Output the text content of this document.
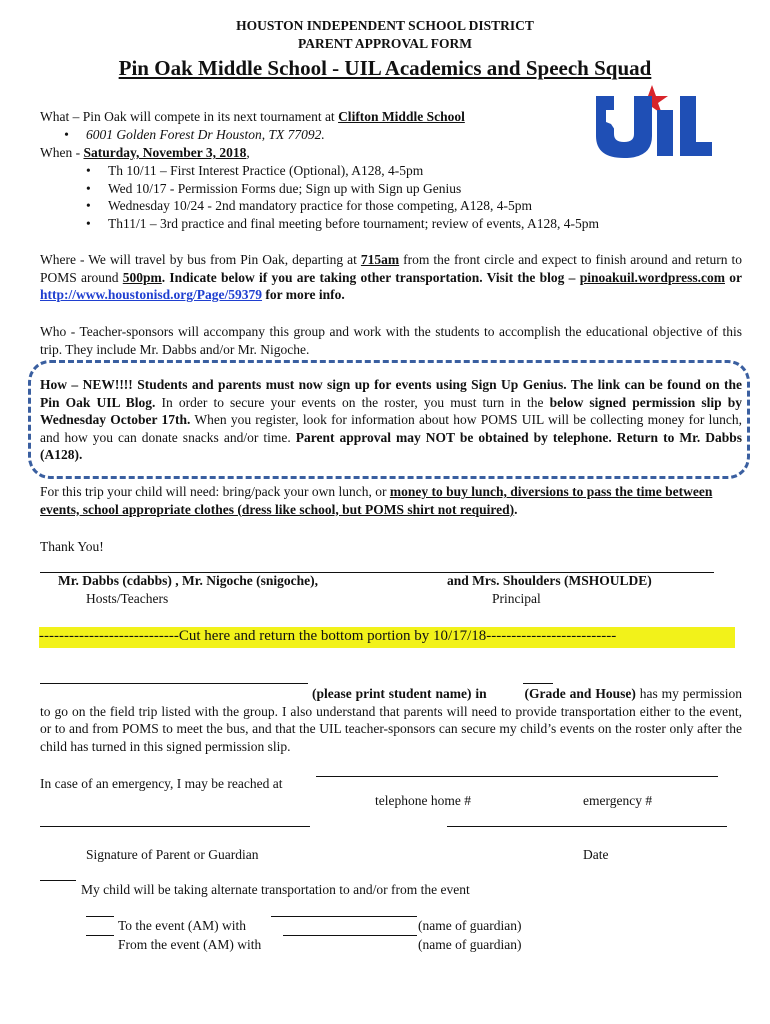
HOUSTON INDEPENDENT SCHOOL DISTRICT
PARENT APPROVAL FORM
Pin Oak Middle School - UIL Academics and Speech Squad
What – Pin Oak will compete in its next tournament at Clifton Middle School
• 6001 Golden Forest Dr Houston, TX 77092.
When - Saturday, November 3, 2018,
• Th 10/11 – First Interest Practice (Optional), A128, 4-5pm
• Wed 10/17 - Permission Forms due; Sign up with Sign up Genius
• Wednesday 10/24 - 2nd mandatory practice for those competing, A128, 4-5pm
• Th11/1 – 3rd practice and final meeting before tournament; review of events, A128, 4-5pm
Where - We will travel by bus from Pin Oak, departing at 715am from the front circle and expect to finish around and return to POMS around 500pm. Indicate below if you are taking other transportation. Visit the blog – pinoakuil.wordpress.com or http://www.houstonisd.org/Page/59379 for more info.
Who - Teacher-sponsors will accompany this group and work with the students to accomplish the educational objective of this trip. They include Mr. Dabbs and/or Mr. Nigoche.
How – NEW!!!! Students and parents must now sign up for events using Sign Up Genius. The link can be found on the Pin Oak UIL Blog. In order to secure your events on the roster, you must turn in the below signed permission slip by Wednesday October 17th. When you register, look for information about how POMS UIL will be collecting money for lunch, and how you can donate snacks and/or time. Parent approval may NOT be obtained by telephone. Return to Mr. Dabbs (A128).
For this trip your child will need: bring/pack your own lunch, or money to buy lunch, diversions to pass the time between events, school appropriate clothes (dress like school, but POMS shirt not required).
Thank You!
Mr. Dabbs (cdabbs) , Mr. Nigoche (snigoche),	and Mrs. Shoulders (MSHOULDE)
Hosts/Teachers	Principal
----------------------------Cut here and return the bottom portion by 10/17/18--------------------------
(please print student name) in	(Grade and House) has my permission to go on the field trip listed with the group. I also understand that parents will need to provide transportation either to the event, or to and from POMS to meet the bus, and that the UIL teacher-sponsors can secure my child’s events on the roster only after the child has turned in this signed permission slip.
In case of an emergency, I may be reached at
telephone home #	emergency #
Signature of Parent or Guardian	Date
My child will be taking alternate transportation to and/or from the event
To the event (AM) with	(name of guardian)
From the event (AM) with	(name of guardian)
